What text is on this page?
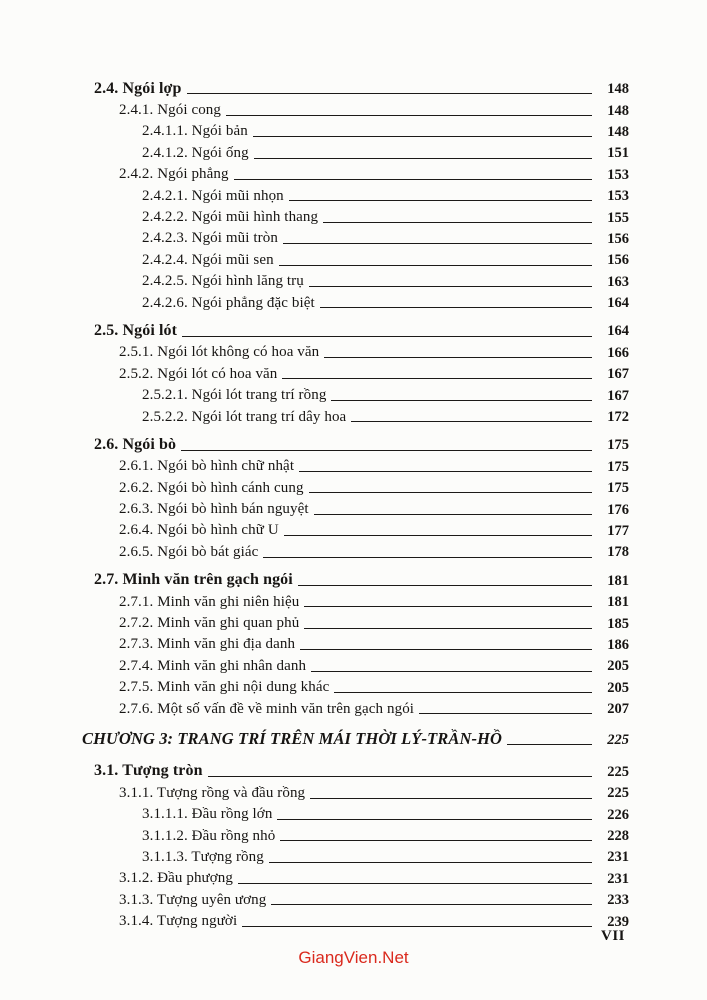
2.4. Ngói lợp	148
2.4.1. Ngói cong	148
2.4.1.1. Ngói bản	148
2.4.1.2. Ngói ống	151
2.4.2. Ngói phẳng	153
2.4.2.1. Ngói mũi nhọn	153
2.4.2.2. Ngói mũi hình thang	155
2.4.2.3. Ngói mũi tròn	156
2.4.2.4. Ngói mũi sen	156
2.4.2.5. Ngói hình lăng trụ	163
2.4.2.6. Ngói phẳng đặc biệt	164
2.5. Ngói lót	164
2.5.1. Ngói lót không có hoa văn	166
2.5.2. Ngói lót có hoa văn	167
2.5.2.1. Ngói lót trang trí rồng	167
2.5.2.2. Ngói lót trang trí dây hoa	172
2.6. Ngói bò	175
2.6.1. Ngói bò hình chữ nhật	175
2.6.2. Ngói bò hình cánh cung	175
2.6.3. Ngói bò hình bán nguyệt	176
2.6.4. Ngói bò hình chữ U	177
2.6.5. Ngói bò bát giác	178
2.7. Minh văn trên gạch ngói	181
2.7.1. Minh văn ghi niên hiệu	181
2.7.2. Minh văn ghi quan phủ	185
2.7.3. Minh văn ghi địa danh	186
2.7.4. Minh văn ghi nhân danh	205
2.7.5. Minh văn ghi nội dung khác	205
2.7.6. Một số vấn đề về minh văn trên gạch ngói	207
CHƯƠNG 3: TRANG TRÍ TRÊN MÁI THỜI LÝ-TRẦN-HỒ	225
3.1. Tượng tròn	225
3.1.1. Tượng rồng và đầu rồng	225
3.1.1.1. Đầu rồng lớn	226
3.1.1.2. Đầu rồng nhỏ	228
3.1.1.3. Tượng rồng	231
3.1.2. Đầu phượng	231
3.1.3. Tượng uyên ương	233
3.1.4. Tượng người	239
VII
GiangVien.Net
